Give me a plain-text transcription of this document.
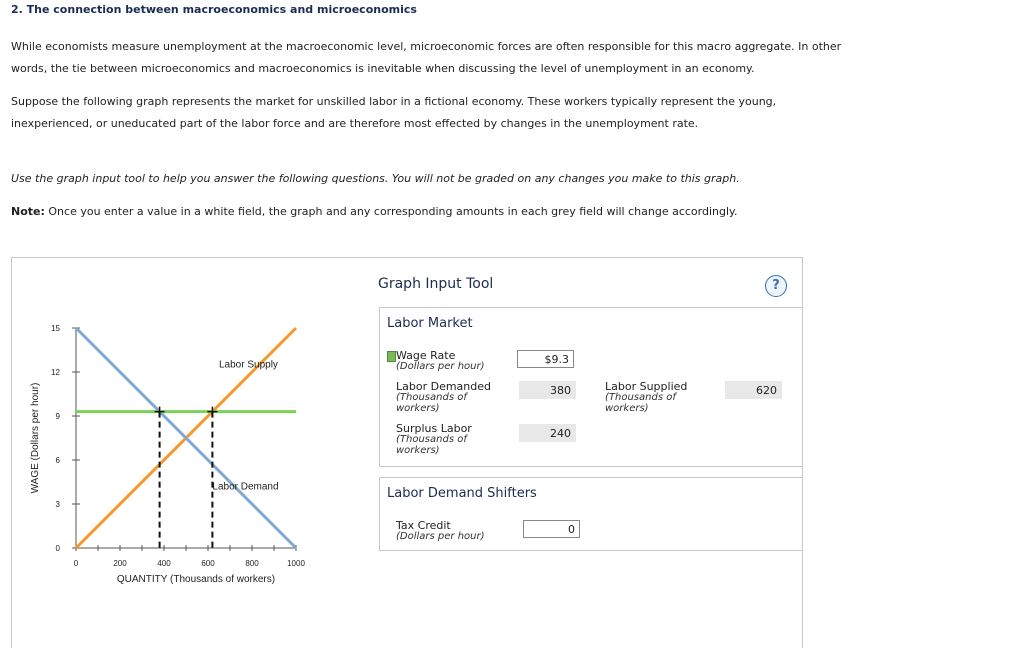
2. The connection between macroeconomics and microeconomics
While economists measure unemployment at the macroeconomic level, microeconomic forces are often responsible for this macro aggregate. In other
words, the tie between microeconomics and macroeconomics is inevitable when discussing the level of unemployment in an economy.
Suppose the following graph represents the market for unskilled labor in a fictional economy. These workers typically represent the young,
inexperienced, or uneducated part of the labor force and are therefore most effected by changes in the unemployment rate.
Use the graph input tool to help you answer the following questions. You will not be graded on any changes you make to this graph.
Note: Once you enter a value in a white field, the graph and any corresponding amounts in each grey field will change accordingly.
0
3
6
9
12
15
0	200	400	600	800	1000
WAGE (Dollars per hour)
QUANTITY (Thousands of workers)
Labor Supply
Labor Demand
Graph Input Tool	?
Labor Market
Wage Rate
(Dollars per hour)
$9.3
Labor Demanded
(Thousands of
workers)
380	Labor Supplied
(Thousands of
workers)
620
Surplus Labor
(Thousands of
workers)
240
Labor Demand Shifters
Tax Credit
(Dollars per hour)
0
